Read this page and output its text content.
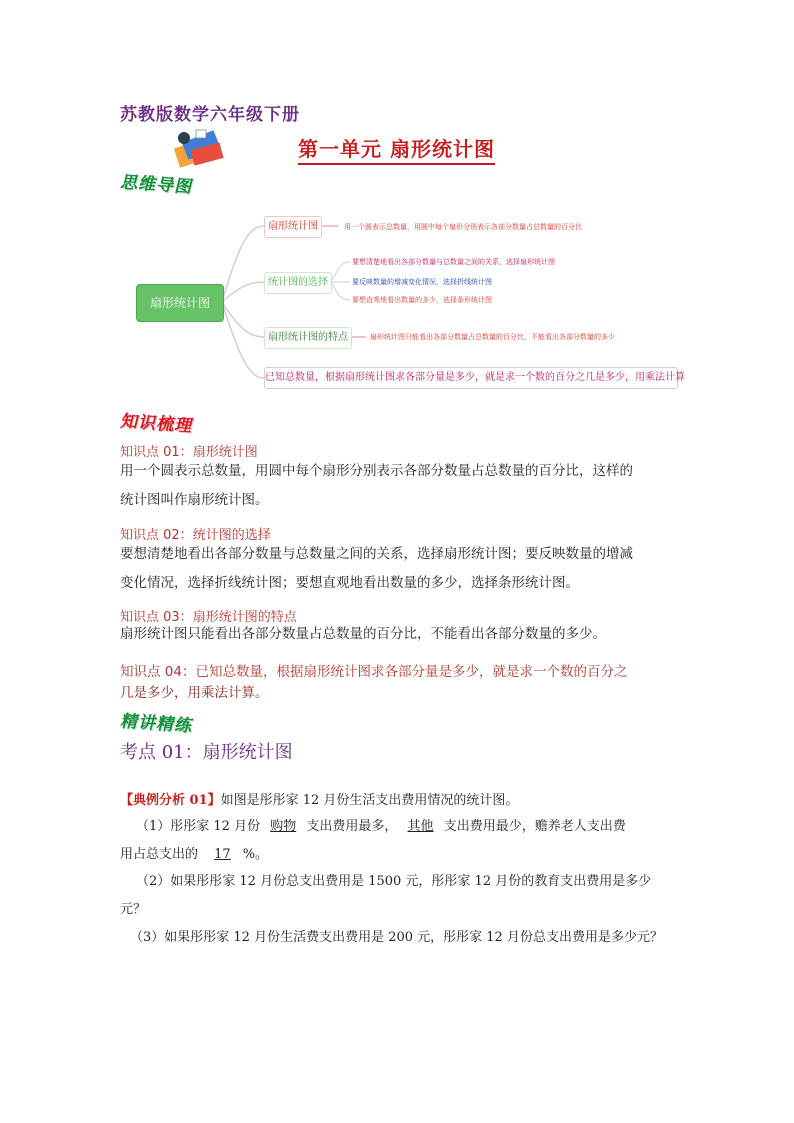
苏教版数学六年级下册
第一单元 扇形统计图
思维导图
扇形统计图
扇形统计图	用一个圆表示总数量，用圆中每个扇形分别表示各部分数量占总数量的百分比
统计图的选择
要想清楚地看出各部分数量与总数量之间的关系，选择扇形统计图
要反映数量的增减变化情况，选择折线统计图
要想直观地看出数量的多少，选择条形统计图
扇形统计图的特点	扇形统计图只能看出各部分数量占总数量的百分比，不能看出各部分数量的多少
已知总数量，根据扇形统计图求各部分量是多少，就是求一个数的百分之几是多少，用乘法计算
知识梳理
知识点 01：扇形统计图
用一个圆表示总数量，用圆中每个扇形分别表示各部分数量占总数量的百分比，这样的
统计图叫作扇形统计图。
知识点 02：统计图的选择
要想清楚地看出各部分数量与总数量之间的关系，选择扇形统计图；要反映数量的增减
变化情况，选择折线统计图；要想直观地看出数量的多少，选择条形统计图。
知识点 03：扇形统计图的特点
扇形统计图只能看出各部分数量占总数量的百分比，不能看出各部分数量的多少。
知识点 04：已知总数量，根据扇形统计图求各部分量是多少，就是求一个数的百分之
几是多少，用乘法计算。
精讲精练
考点 01：扇形统计图
【典例分析 01】如图是彤彤家 12 月份生活支出费用情况的统计图。
（1）彤彤家 12 月份 购物 支出费用最多， 其他 支出费用最少，赡养老人支出费
用占总支出的 17 %。
（2）如果彤彤家 12 月份总支出费用是 1500 元，彤彤家 12 月份的教育支出费用是多少
元？
（3）如果彤彤家 12 月份生活费支出费用是 200 元，彤彤家 12 月份总支出费用是多少元？
